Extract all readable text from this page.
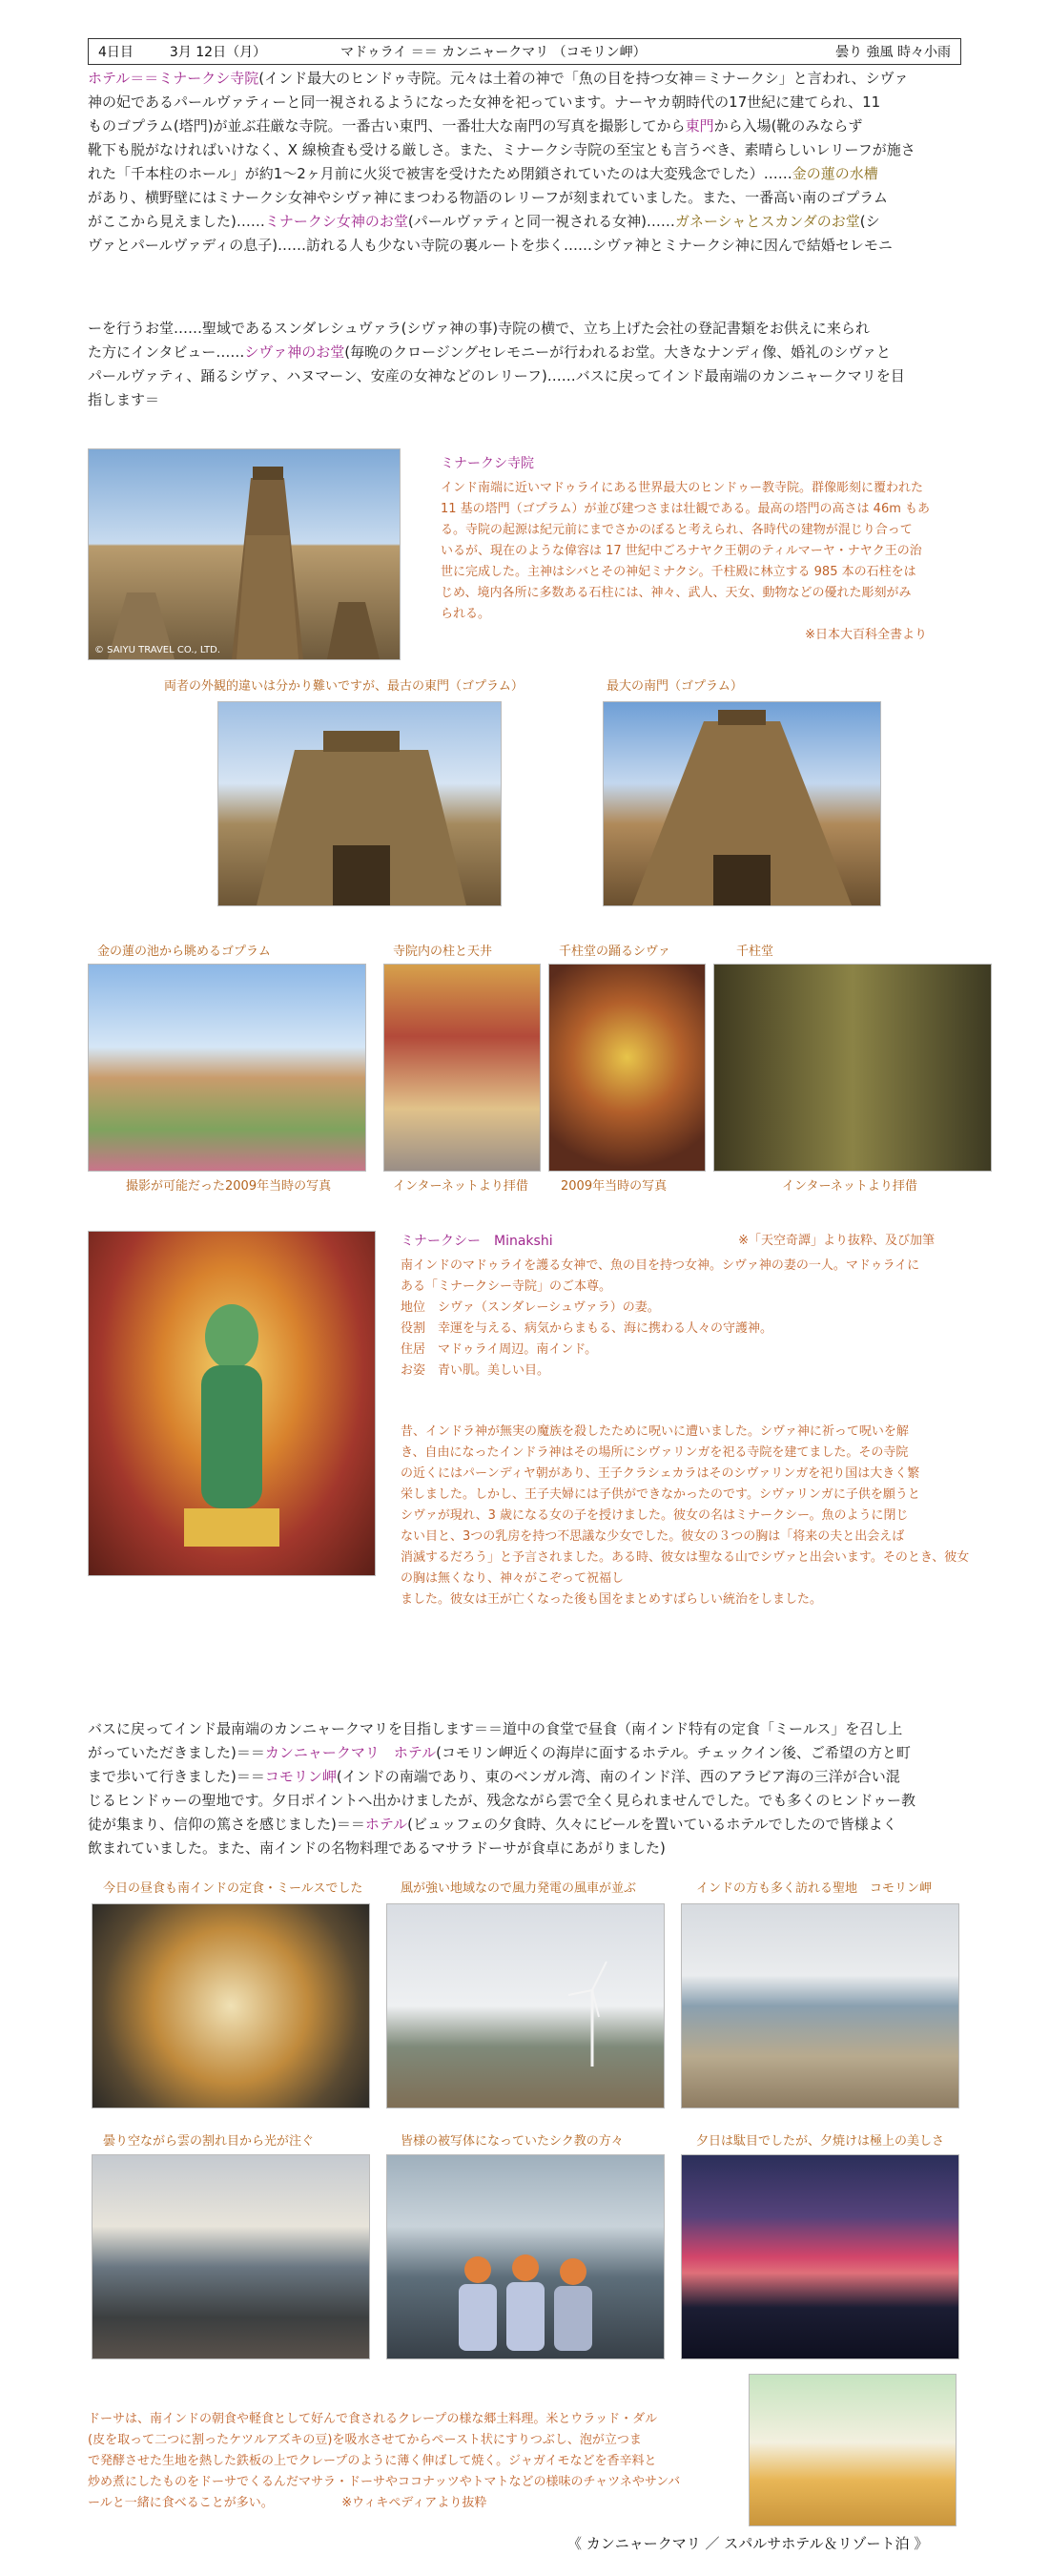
4日目	3月 12日（月）	マドゥライ ＝＝ カンニャークマリ （コモリン岬）	曇り 強風 時々小雨
ホテル＝＝ミナークシ寺院(インド最大のヒンドゥ寺院。元々は土着の神で「魚の目を持つ女神＝ミナークシ」と言われ、シヴァ
神の妃であるパールヴァティーと同一視されるようになった女神を祀っています。ナーヤカ朝時代の17世紀に建てられ、11
ものゴプラム(塔門)が並ぶ荘厳な寺院。一番古い東門、一番壮大な南門の写真を撮影してから東門から入場(靴のみならず
靴下も脱がなければいけなく、X 線検査も受ける厳しさ。また、ミナークシ寺院の至宝とも言うべき、素晴らしいレリーフが施さ
れた「千本柱のホール」が約1～2ヶ月前に火災で被害を受けたため閉鎖されていたのは大変残念でした）……金の蓮の水槽
があり、横野壁にはミナークシ女神やシヴァ神にまつわる物語のレリーフが刻まれていました。また、一番高い南のゴプラム
がここから見えました)……ミナークシ女神のお堂(パールヴァティと同一視される女神)……ガネーシャとスカンダのお堂(シ
ヴァとパールヴァディの息子)……訪れる人も少ない寺院の裏ルートを歩く……シヴァ神とミナークシ神に因んで結婚セレモニ
ーを行うお堂……聖域であるスンダレシュヴァラ(シヴァ神の事)寺院の横で、立ち上げた会社の登記書類をお供えに来られ
た方にインタビュー……シヴァ神のお堂(毎晩のクロージングセレモニーが行われるお堂。大きなナンディ像、婚礼のシヴァと
パールヴァティ、踊るシヴァ、ハヌマーン、安産の女神などのレリーフ)……バスに戻ってインド最南端のカンニャークマリを目
指します＝
© SAIYU TRAVEL CO., LTD.
ミナークシ寺院
インド南端に近いマドゥライにある世界最大のヒンドゥー教寺院。群像彫刻に覆われた
11 基の塔門（ゴプラム）が並び建つさまは壮観である。最高の塔門の高さは 46m もあ
る。寺院の起源は紀元前にまでさかのぼると考えられ、各時代の建物が混じり合って
いるが、現在のような偉容は 17 世紀中ごろナヤク王朝のティルマーヤ・ナヤク王の治
世に完成した。主神はシバとその神妃ミナクシ。千柱殿に林立する 985 本の石柱をは
じめ、境内各所に多数ある石柱には、神々、武人、天女、動物などの優れた彫刻がみ
られる。
※日本大百科全書より
両者の外観的違いは分かり難いですが、最古の東門（ゴプラム）	最大の南門（ゴプラム）
金の蓮の池から眺めるゴプラム	寺院内の柱と天井	千柱堂の踊るシヴァ	千柱堂
撮影が可能だった2009年当時の写真	インターネットより拝借	2009年当時の写真	インターネットより拝借
ミナークシー　Minakshi	※「天空奇譚」より抜粋、及び加筆
南インドのマドゥライを護る女神で、魚の目を持つ女神。シヴァ神の妻の一人。マドゥライに
ある「ミナークシー寺院」のご本尊。
地位　シヴァ（スンダレーシュヴァラ）の妻。
役割　幸運を与える、病気からまもる、海に携わる人々の守護神。
住居　マドゥライ周辺。南インド。
お姿　青い肌。美しい目。
昔、インドラ神が無実の魔族を殺したために呪いに遭いました。シヴァ神に祈って呪いを解
き、自由になったインドラ神はその場所にシヴァリンガを祀る寺院を建てました。その寺院
の近くにはパーンディヤ朝があり、王子クラシェカラはそのシヴァリンガを祀り国は大きく繁
栄しました。しかし、王子夫婦には子供ができなかったのです。シヴァリンガに子供を願うと
シヴァが現れ、3 歳になる女の子を授けました。彼女の名はミナークシー。魚のように閉じ
ない目と、3つの乳房を持つ不思議な少女でした。彼女の３つの胸は「将来の夫と出会えば
消滅するだろう」と予言されました。ある時、彼女は聖なる山でシヴァと出会います。そのとき、彼女の胸は無くなり、神々がこぞって祝福し
ました。彼女は王が亡くなった後も国をまとめすばらしい統治をしました。
バスに戻ってインド最南端のカンニャークマリを目指します＝＝道中の食堂で昼食（南インド特有の定食「ミールス」を召し上
がっていただきました)＝＝カンニャークマリ　ホテル(コモリン岬近くの海岸に面するホテル。チェックイン後、ご希望の方と町
まで歩いて行きました)＝＝コモリン岬(インドの南端であり、東のベンガル湾、南のインド洋、西のアラビア海の三洋が合い混
じるヒンドゥーの聖地です。夕日ポイントへ出かけましたが、残念ながら雲で全く見られませんでした。でも多くのヒンドゥー教
徒が集まり、信仰の篤さを感じました)＝＝ホテル(ビュッフェの夕食時、久々にビールを置いているホテルでしたので皆様よく
飲まれていました。また、南インドの名物料理であるマサラドーサが食卓にあがりました)
今日の昼食も南インドの定食・ミールスでした	風が強い地域なので風力発電の風車が並ぶ	インドの方も多く訪れる聖地　コモリン岬
曇り空ながら雲の割れ目から光が注ぐ	皆様の被写体になっていたシク教の方々	夕日は駄目でしたが、夕焼けは極上の美しさ
ドーサは、南インドの朝食や軽食として好んで食されるクレープの様な郷土料理。米とウラッド・ダル
(皮を取って二つに割ったケツルアズキの豆)を吸水させてからペースト状にすりつぶし、泡が立つま
で発酵させた生地を熱した鉄板の上でクレープのように薄く伸ばして焼く。ジャガイモなどを香辛料と
炒め煮にしたものをドーサでくるんだマサラ・ドーサやココナッツやトマトなどの様味のチャツネやサンバ
ールと一緒に食べることが多い。　　　　　　※ウィキペディアより抜粋
《 カンニャークマリ ／ スパルサホテル＆リゾート泊 》
